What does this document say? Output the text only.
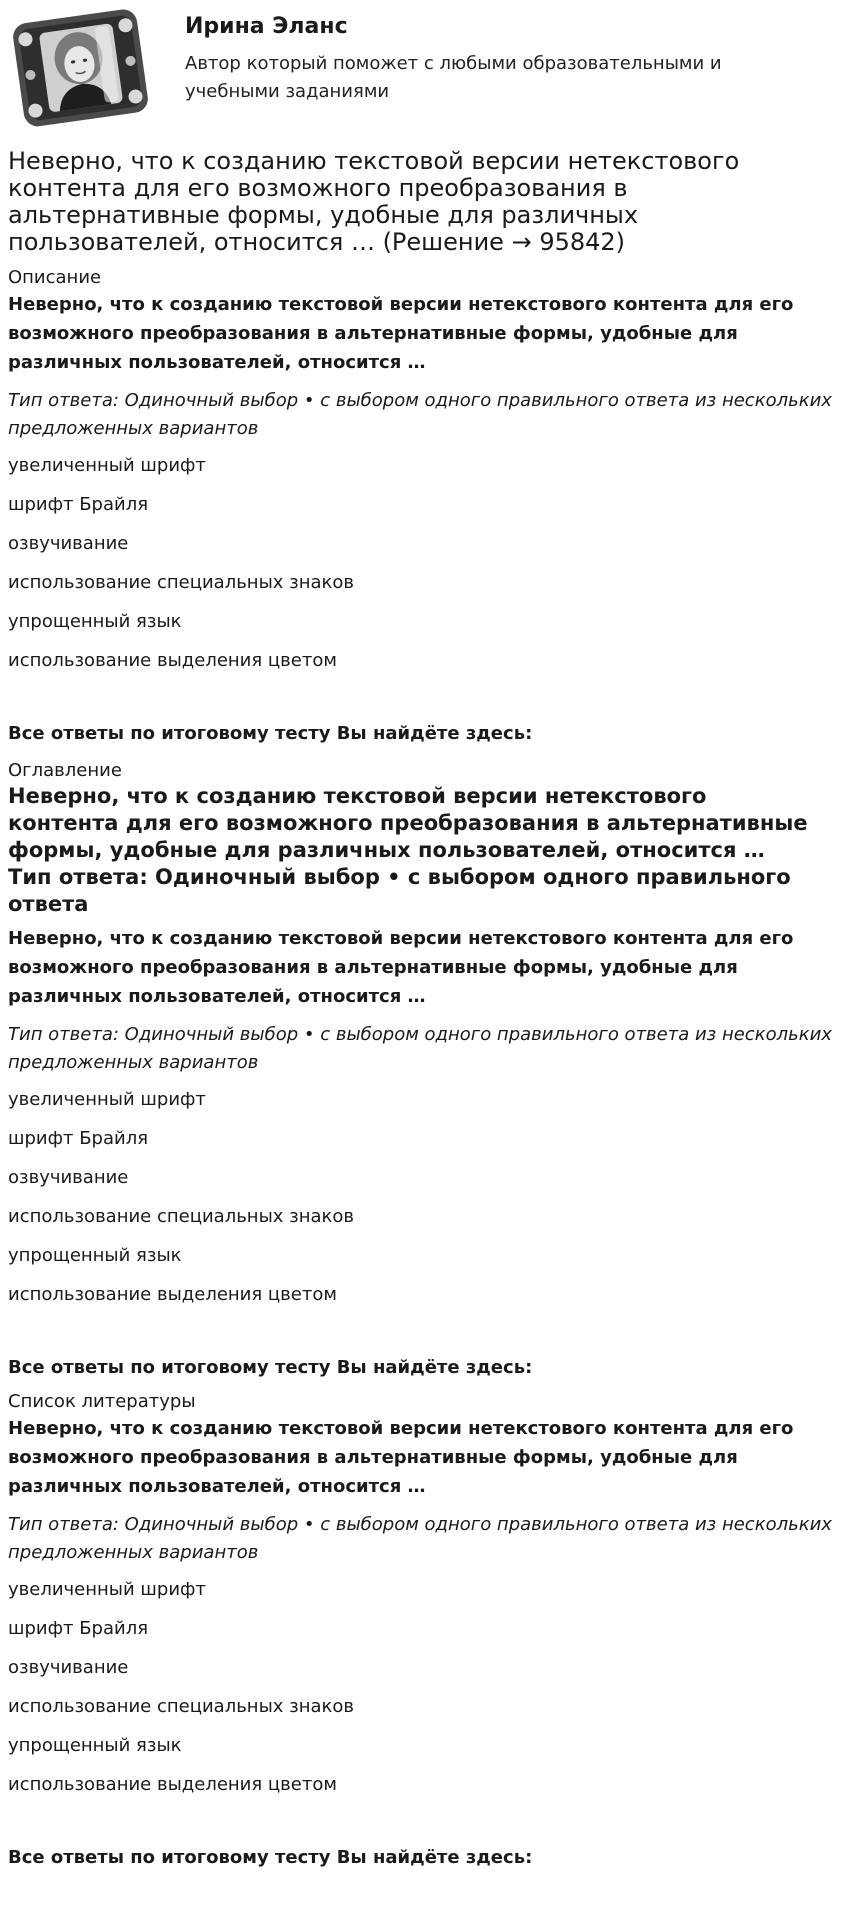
Ирина Эланс
Автор который поможет с любыми образовательными и учебными заданиями
Неверно, что к созданию текстовой версии нетекстового контента для его возможного преобразования в альтернативные формы, удобные для различных пользователей, относится … (Решение → 95842)
Описание
Неверно, что к созданию текстовой версии нетекстового контента для его возможного преобразования в альтернативные формы, удобные для различных пользователей, относится …
Тип ответа: Одиночный выбор • с выбором одного правильного ответа из нескольких предложенных вариантов
увеличенный шрифт
шрифт Брайля
озвучивание
использование специальных знаков
упрощенный язык
использование выделения цветом
Все ответы по итоговому тесту Вы найдёте здесь:
Оглавление
Неверно, что к созданию текстовой версии нетекстового контента для его возможного преобразования в альтернативные формы, удобные для различных пользователей, относится …Тип ответа: Одиночный выбор • с выбором одного правильного ответа
Неверно, что к созданию текстовой версии нетекстового контента для его возможного преобразования в альтернативные формы, удобные для различных пользователей, относится …
Тип ответа: Одиночный выбор • с выбором одного правильного ответа из нескольких предложенных вариантов
увеличенный шрифт
шрифт Брайля
озвучивание
использование специальных знаков
упрощенный язык
использование выделения цветом
Все ответы по итоговому тесту Вы найдёте здесь:
Список литературы
Неверно, что к созданию текстовой версии нетекстового контента для его возможного преобразования в альтернативные формы, удобные для различных пользователей, относится …
Тип ответа: Одиночный выбор • с выбором одного правильного ответа из нескольких предложенных вариантов
увеличенный шрифт
шрифт Брайля
озвучивание
использование специальных знаков
упрощенный язык
использование выделения цветом
Все ответы по итоговому тесту Вы найдёте здесь:
